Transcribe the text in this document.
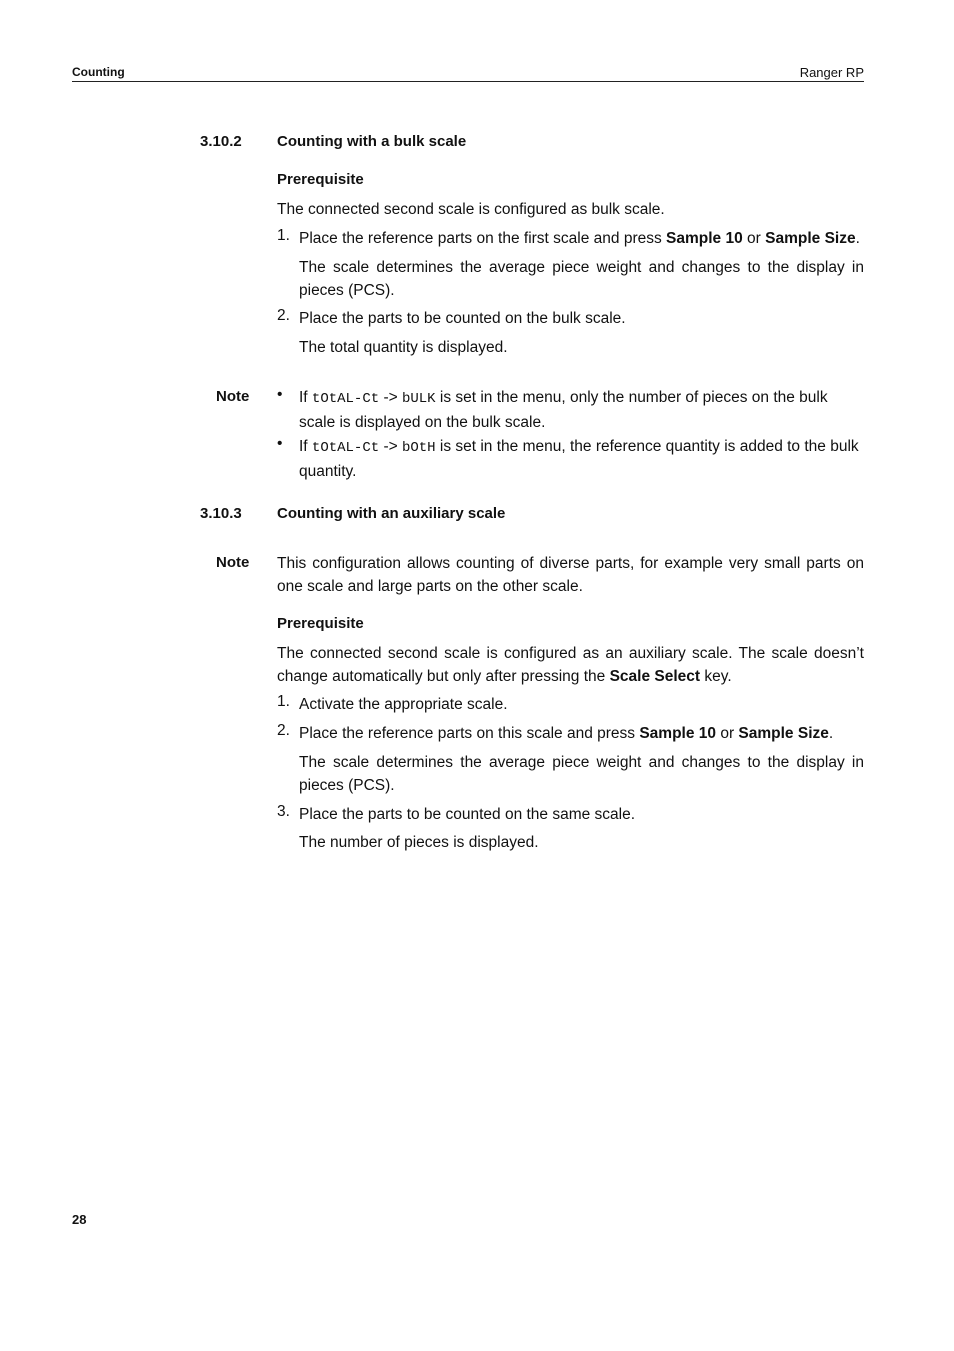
Counting	Ranger RP
3.10.2 Counting with a bulk scale
Prerequisite
The connected second scale is configured as bulk scale.
1. Place the reference parts on the first scale and press Sample 10 or Sample Size.
The scale determines the average piece weight and changes to the display in pieces (PCS).
2. Place the parts to be counted on the bulk scale.
The total quantity is displayed.
Note • If tOtAL-Ct -> bULK is set in the menu, only the number of pieces on the bulk scale is displayed on the bulk scale.
• If tOtAL-Ct -> bOtH is set in the menu, the reference quantity is added to the bulk quantity.
3.10.3 Counting with an auxiliary scale
Note This configuration allows counting of diverse parts, for example very small parts on one scale and large parts on the other scale.
Prerequisite
The connected second scale is configured as an auxiliary scale. The scale doesn’t change automatically but only after pressing the Scale Select key.
1. Activate the appropriate scale.
2. Place the reference parts on this scale and press Sample 10 or Sample Size.
The scale determines the average piece weight and changes to the display in pieces (PCS).
3. Place the parts to be counted on the same scale.
The number of pieces is displayed.
28
